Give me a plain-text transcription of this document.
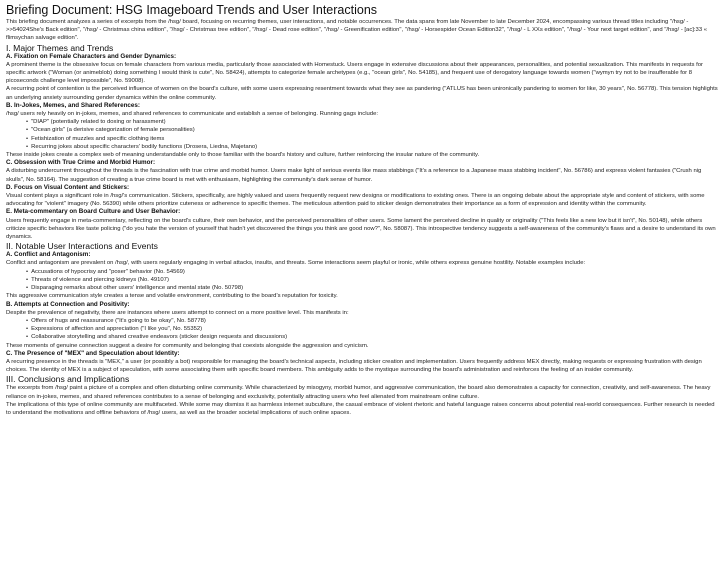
Briefing Document: HSG Imageboard Trends and User Interactions

This briefing document analyzes a series of excerpts from the /hsg/ board, focusing on recurring themes, user interactions, and notable occurrences. The data spans from late November to late December 2024, encompassing various thread titles including "/hsg/ - >>54024She's Back edition", "/hsg/ - Christmas china edition", "/hsg/ - Christmas tree edition", "/hsg/ - Dead rose edition", "/hsg/ - Greenification edition", "/hsg/ - Horsespider Ocean Edition32", "/hsg/ - L XXs edition", "/hsg/ - Your next target edition", and "/hsg/ - [ac]:33 « flimsychan salvage edition".

I. Major Themes and Trends
A. Fixation on Female Characters and Gender Dynamics:

A prominent theme is the obsessive focus on female characters from various media, particularly those associated with Homestuck. Users engage in extensive discussions about their appearances, personalities, and potential sexualization. This manifests in requests for specific artwork ("Woman (or animeblob) doing something I would think is cute", No. 58424), attempts to categorize female archetypes (e.g., "ocean girls", No. 54185), and frequent use of derogatory language towards women ("wymyn try not to be insufferable for 8 picoseconds challenge level impossible", No. 59008).

A recurring point of contention is the perceived influence of women on the board's culture, with some users expressing resentment towards what they see as pandering ("ATLUS has been unironically pandering to women for like, 30 years", No. 56778). This tension highlights an underlying anxiety surrounding gender dynamics within the online community.

B. In-Jokes, Memes, and Shared References:

/hsg/ users rely heavily on in-jokes, memes, and shared references to communicate and establish a sense of belonging. Running gags include:

• "DIAP" (potentially related to doxing or harassment)
• "Ocean girls" (a derisive categorization of female personalities)
• Fetishization of muzzles and specific clothing items
• Recurring jokes about specific characters' bodily functions (Drosera, Liedna, Majetano)

These inside jokes create a complex web of meaning understandable only to those familiar with the board's history and culture, further reinforcing the insular nature of the community.

C. Obsession with True Crime and Morbid Humor:

A disturbing undercurrent throughout the threads is the fascination with true crime and morbid humor. Users make light of serious events like mass stabbings ("It's a reference to a Japanese mass stabbing incident", No. 56786) and express violent fantasies ("Crush nig skulls", No. 58164). The suggestion of creating a true crime board is met with enthusiasm, highlighting the community's dark sense of humor.

D. Focus on Visual Content and Stickers:

Visual content plays a significant role in /hsg/'s communication. Stickers, specifically, are highly valued and users frequently request new designs or modifications to existing ones. There is an ongoing debate about the appropriate style and content of stickers, with some advocating for "violent" imagery (No. 56390) while others prioritize cuteness or adherence to specific themes. The meticulous attention paid to sticker design demonstrates their importance as a form of expression and identity within the community.

E. Meta-commentary on Board Culture and User Behavior:

Users frequently engage in meta-commentary, reflecting on the board's culture, their own behavior, and the perceived personalities of other users. Some lament the perceived decline in quality or originality ("This feels like a new low but it isn't", No. 50148), while others criticize specific behaviors like taste policing ("do you hate the version of yourself that hadn't yet discovered the things you think are good now?", No. 58087). This introspective tendency suggests a self-awareness of the community's flaws and a desire to understand its own dynamics.

II. Notable User Interactions and Events
A. Conflict and Antagonism:

Conflict and antagonism are prevalent on /hsg/, with users regularly engaging in verbal attacks, insults, and threats. Some interactions seem playful or ironic, while others express genuine hostility. Notable examples include:

• Accusations of hypocrisy and "poser" behavior (No. 54569)
• Threats of violence and piercing kidneys (No. 49107)
• Disparaging remarks about other users' intelligence and mental state (No. 50798)

This aggressive communication style creates a tense and volatile environment, contributing to the board's reputation for toxicity.

B. Attempts at Connection and Positivity:

Despite the prevalence of negativity, there are instances where users attempt to connect on a more positive level. This manifests in:

• Offers of hugs and reassurance ("It's going to be okay", No. 58778)
• Expressions of affection and appreciation ("I like you", No. 55352)
• Collaborative storytelling and shared creative endeavors (sticker design requests and discussions)

These moments of genuine connection suggest a desire for community and belonging that coexists alongside the aggression and cynicism.

C. The Presence of "MEX" and Speculation about Identity:

A recurring presence in the threads is "MEX," a user (or possibly a bot) responsible for managing the board's technical aspects, including sticker creation and implementation. Users frequently address MEX directly, making requests or expressing frustration with design choices. The identity of MEX is a subject of speculation, with some associating them with specific board members. This ambiguity adds to the mystique surrounding the board's administration and reinforces the feeling of an insider community.

III. Conclusions and Implications

The excerpts from /hsg/ paint a picture of a complex and often disturbing online community. While characterized by misogyny, morbid humor, and aggressive communication, the board also demonstrates a capacity for connection, creativity, and self-awareness. The heavy reliance on in-jokes, memes, and shared references contributes to a sense of belonging and exclusivity, potentially attracting users who feel alienated from mainstream online culture.

The implications of this type of online community are multifaceted. While some may dismiss it as harmless internet subculture, the casual embrace of violent rhetoric and hateful language raises concerns about potential real-world consequences. Further research is needed to understand the motivations and offline behaviors of /hsg/ users, as well as the broader societal implications of such online spaces.
